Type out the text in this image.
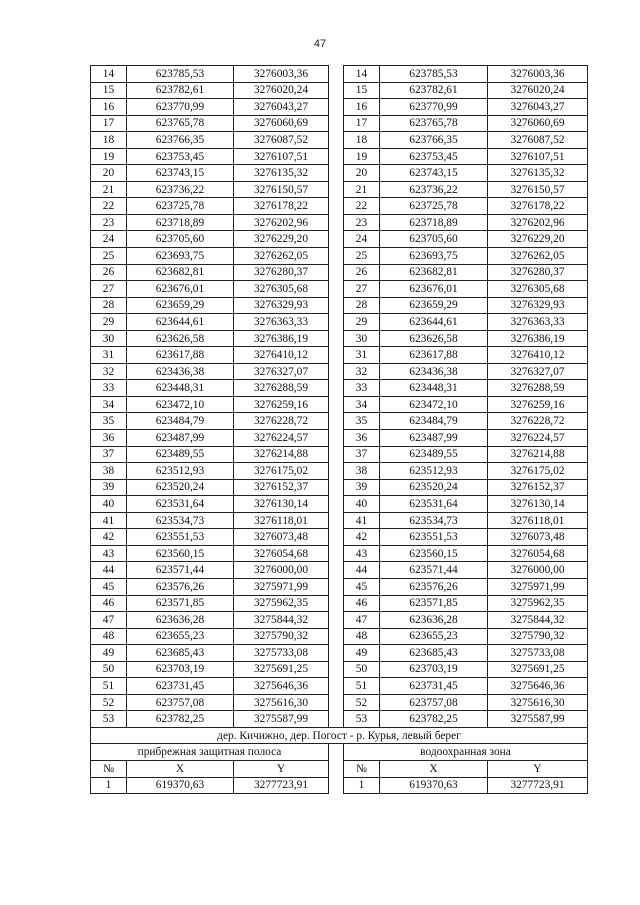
47
14	623785,53	3276003,36		14	623785,53	3276003,36
15	623782,61	3276020,24		15	623782,61	3276020,24
16	623770,99	3276043,27		16	623770,99	3276043,27
17	623765,78	3276060,69		17	623765,78	3276060,69
18	623766,35	3276087,52		18	623766,35	3276087,52
19	623753,45	3276107,51		19	623753,45	3276107,51
20	623743,15	3276135,32		20	623743,15	3276135,32
21	623736,22	3276150,57		21	623736,22	3276150,57
22	623725,78	3276178,22		22	623725,78	3276178,22
23	623718,89	3276202,96		23	623718,89	3276202,96
24	623705,60	3276229,20		24	623705,60	3276229,20
25	623693,75	3276262,05		25	623693,75	3276262,05
26	623682,81	3276280,37		26	623682,81	3276280,37
27	623676,01	3276305,68		27	623676,01	3276305,68
28	623659,29	3276329,93		28	623659,29	3276329,93
29	623644,61	3276363,33		29	623644,61	3276363,33
30	623626,58	3276386,19		30	623626,58	3276386,19
31	623617,88	3276410,12		31	623617,88	3276410,12
32	623436,38	3276327,07		32	623436,38	3276327,07
33	623448,31	3276288,59		33	623448,31	3276288,59
34	623472,10	3276259,16		34	623472,10	3276259,16
35	623484,79	3276228,72		35	623484,79	3276228,72
36	623487,99	3276224,57		36	623487,99	3276224,57
37	623489,55	3276214,88		37	623489,55	3276214,88
38	623512,93	3276175,02		38	623512,93	3276175,02
39	623520,24	3276152,37		39	623520,24	3276152,37
40	623531,64	3276130,14		40	623531,64	3276130,14
41	623534,73	3276118,01		41	623534,73	3276118,01
42	623551,53	3276073,48		42	623551,53	3276073,48
43	623560,15	3276054,68		43	623560,15	3276054,68
44	623571,44	3276000,00		44	623571,44	3276000,00
45	623576,26	3275971,99		45	623576,26	3275971,99
46	623571,85	3275962,35		46	623571,85	3275962,35
47	623636,28	3275844,32		47	623636,28	3275844,32
48	623655,23	3275790,32		48	623655,23	3275790,32
49	623685,43	3275733,08		49	623685,43	3275733,08
50	623703,19	3275691,25		50	623703,19	3275691,25
51	623731,45	3275646,36		51	623731,45	3275646,36
52	623757,08	3275616,30		52	623757,08	3275616,30
53	623782,25	3275587,99		53	623782,25	3275587,99
дер. Кичижно, дер. Погост - р. Курья, левый берег						
прибрежная защитная полоса				водоохранная зона		
№	X	Y		№	X	Y
1	619370,63	3277723,91		1	619370,63	3277723,91
